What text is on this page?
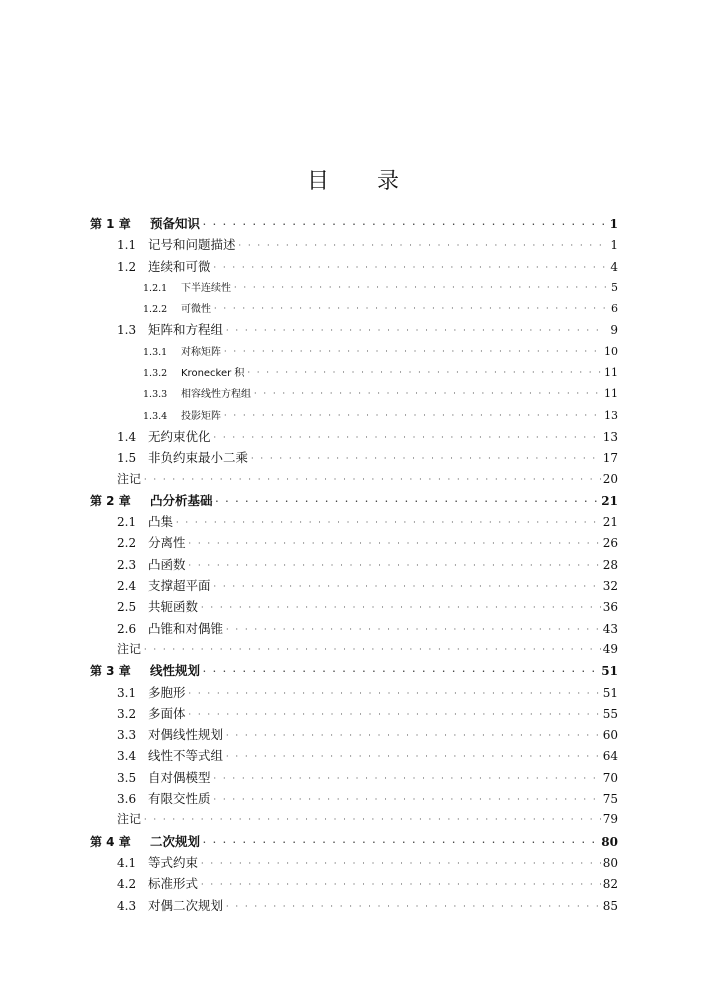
目 录
第 1 章	预备知识 · · ·	1
1.1 记号和问题描述 · · ·	1
1.2 连续和可微 · · ·	4
1.2.1	下半连续性 · · ·	5
1.2.2	可微性 · · ·	6
1.3 矩阵和方程组 · · ·	9
1.3.1	对称矩阵 · · ·	10
1.3.2	Kronecker 积 · · ·	11
1.3.3	相容线性方程组 · · ·	11
1.3.4	投影矩阵 · · ·	13
1.4 无约束优化 · · ·	13
1.5 非负约束最小二乘 · · ·	17
注记 · · ·	20
第 2 章	凸分析基础 · · ·	21
2.1 凸集 · · ·	21
2.2 分离性 · · ·	26
2.3 凸函数 · · ·	28
2.4 支撑超平面 · · ·	32
2.5 共轭函数 · · ·	36
2.6 凸锥和对偶锥 · · ·	43
注记 · · ·	49
第 3 章	线性规划 · · ·	51
3.1 多胞形 · · ·	51
3.2 多面体 · · ·	55
3.3 对偶线性规划 · · ·	60
3.4 线性不等式组 · · ·	64
3.5 自对偶模型 · · ·	70
3.6 有限交性质 · · ·	75
注记 · · ·	79
第 4 章	二次规划 · · ·	80
4.1 等式约束 · · ·	80
4.2 标准形式 · · ·	82
4.3 对偶二次规划 · · ·	85
